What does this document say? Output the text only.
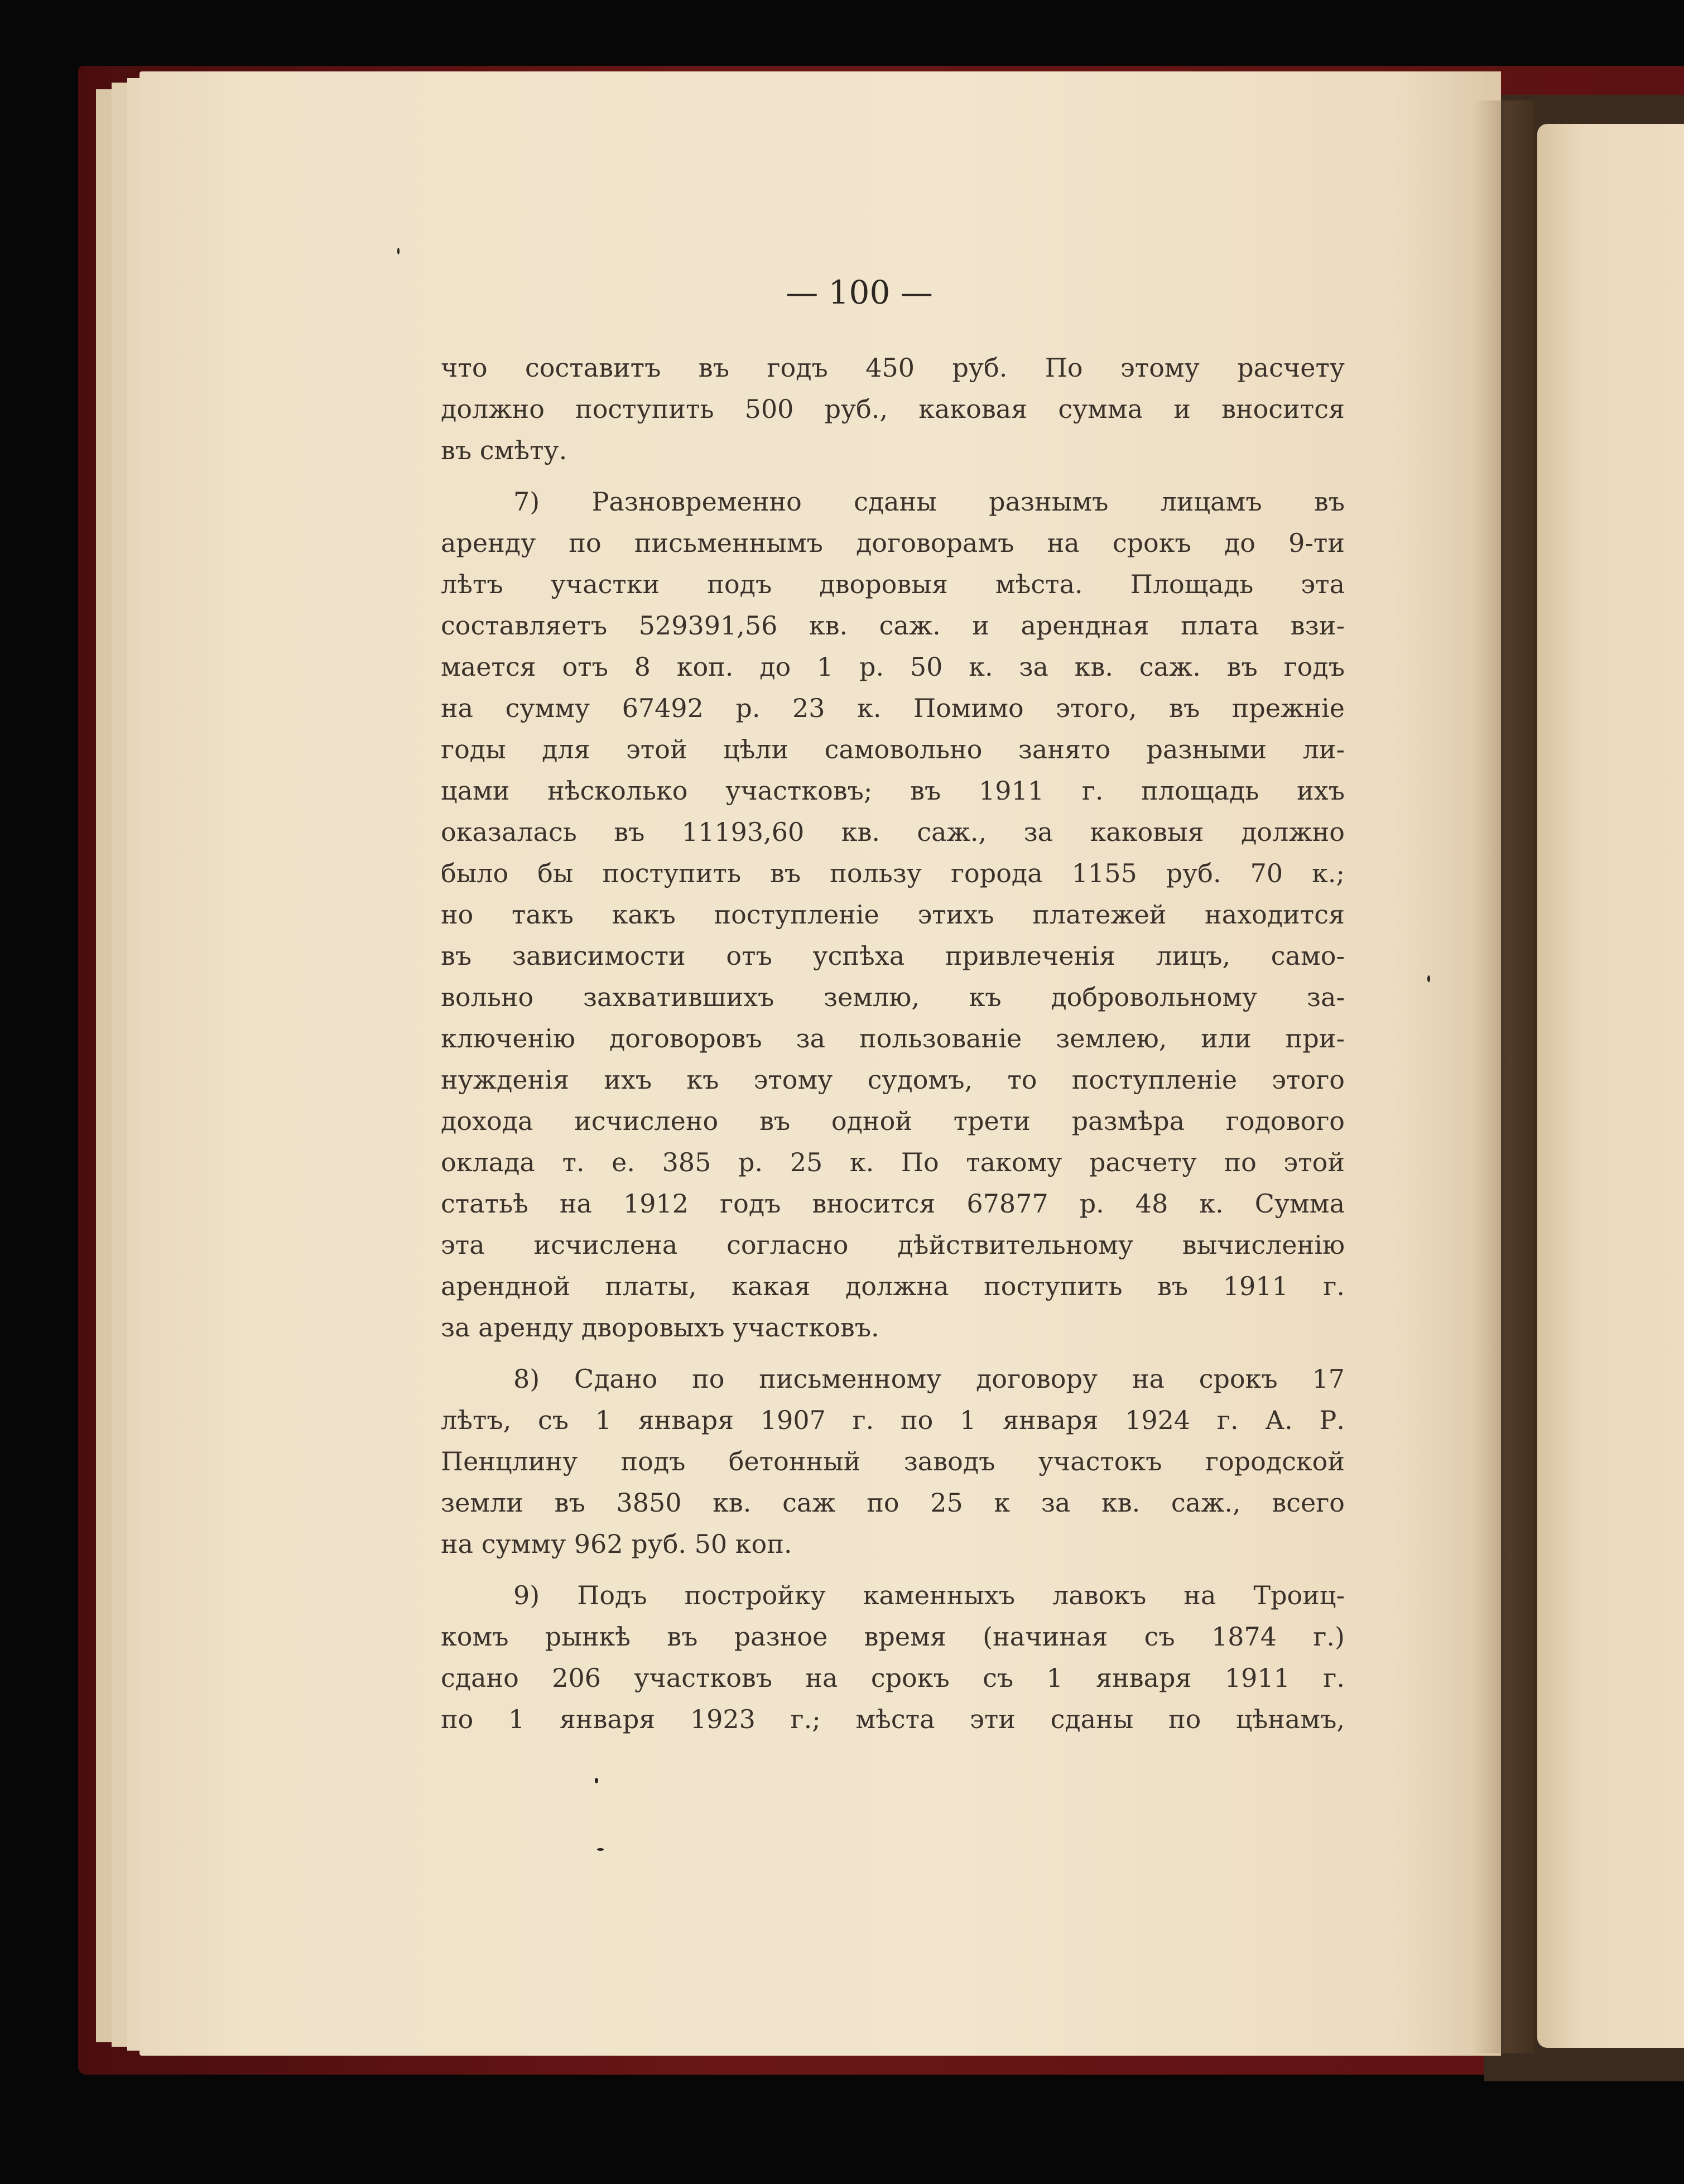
— 100 —
что составитъ въ годъ 450 руб. По этому расчету
должно поступить 500 руб., каковая сумма и вносится
въ смѣту.
7) Разновременно сданы разнымъ лицамъ въ
аренду по письменнымъ договорамъ на срокъ до 9-ти
лѣтъ участки подъ дворовыя мѣста. Площадь эта
составляетъ 529391,56 кв. саж. и арендная плата взи-
мается отъ 8 коп. до 1 р. 50 к. за кв. саж. въ годъ
на сумму 67492 р. 23 к. Помимо этого, въ прежніе
годы для этой цѣли самовольно занято разными ли-
цами нѣсколько участковъ; въ 1911 г. площадь ихъ
оказалась въ 11193,60 кв. саж., за каковыя должно
было бы поступить въ пользу города 1155 руб. 70 к.;
но такъ какъ поступленіе этихъ платежей находится
въ зависимости отъ успѣха привлеченія лицъ, само-
вольно захватившихъ землю, къ добровольному за-
ключенію договоровъ за пользованіе землею, или при-
нужденія ихъ къ этому судомъ, то поступленіе этого
дохода исчислено въ одной трети размѣра годового
оклада т. е. 385 р. 25 к. По такому расчету по этой
статьѣ на 1912 годъ вносится 67877 р. 48 к. Сумма
эта исчислена согласно дѣйствительному вычисленію
арендной платы, какая должна поступить въ 1911 г.
за аренду дворовыхъ участковъ.
8) Сдано по письменному договору на срокъ 17
лѣтъ, съ 1 января 1907 г. по 1 января 1924 г. А. Р.
Пенцлину подъ бетонный заводъ участокъ городской
земли въ 3850 кв. саж по 25 к за кв. саж., всего
на сумму 962 руб. 50 коп.
9) Подъ постройку каменныхъ лавокъ на Троиц-
комъ рынкѣ въ разное время (начиная съ 1874 г.)
сдано 206 участковъ на срокъ съ 1 января 1911 г.
по 1 января 1923 г.; мѣста эти сданы по цѣнамъ,
